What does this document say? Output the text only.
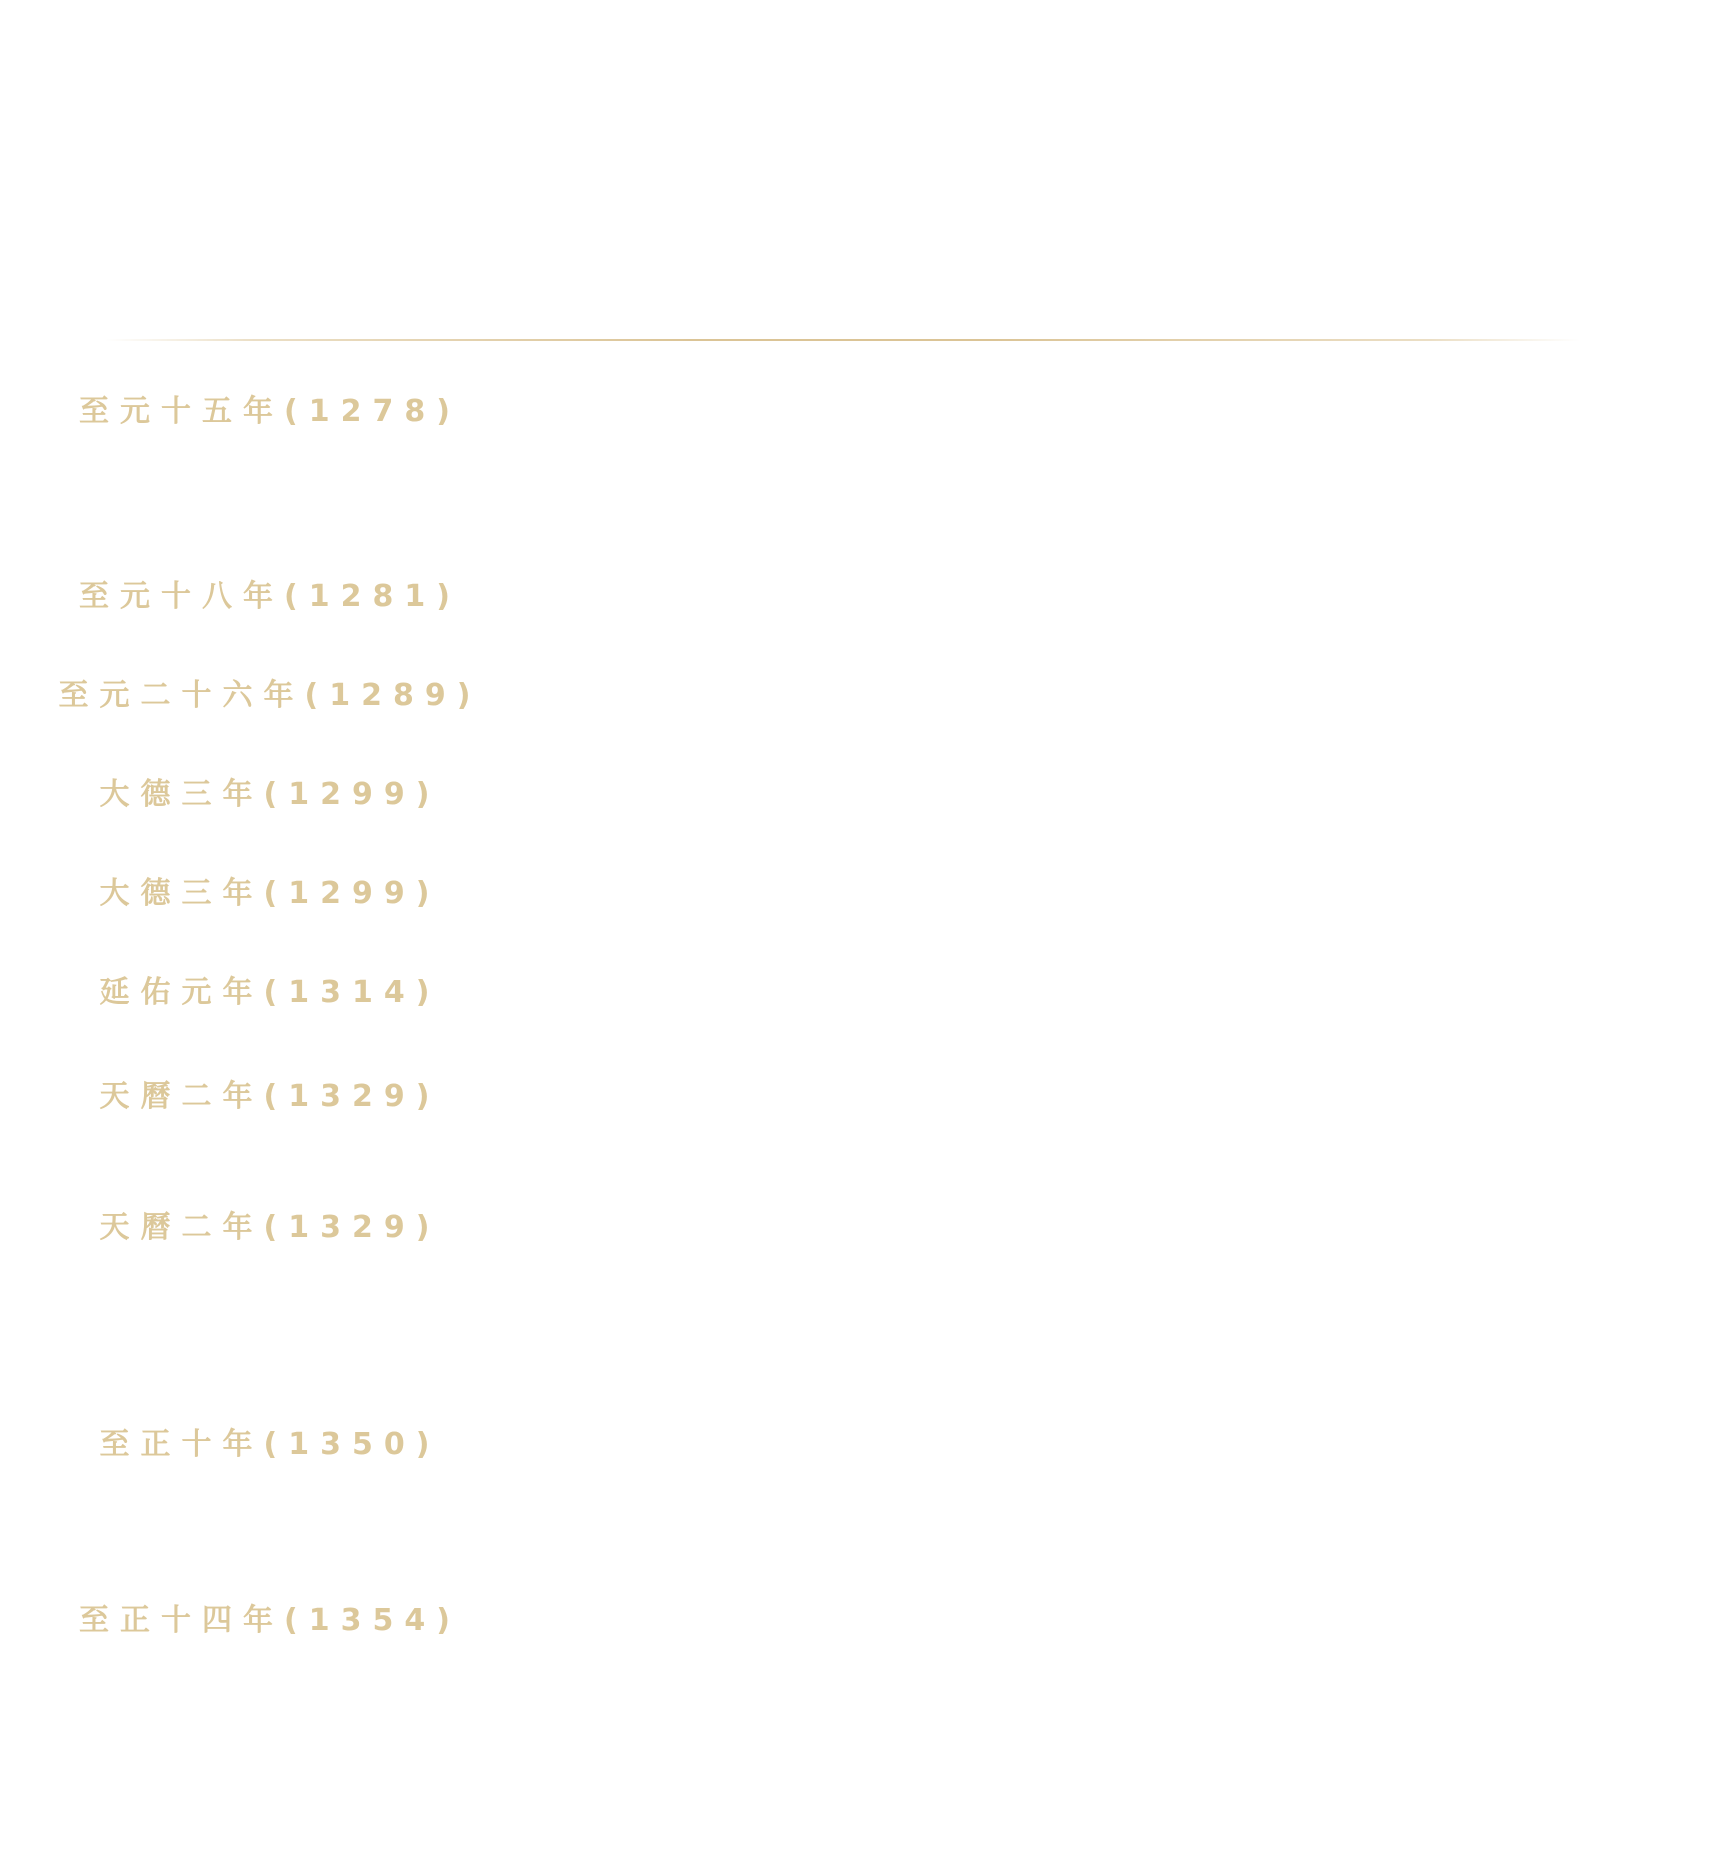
至元十五年(1278)
至元十八年(1281)
至元二十六年(1289)
大德三年(1299)
大德三年(1299)
延佑元年(1314)
天曆二年(1329)
天曆二年(1329)
至正十年(1350)
至正十四年(1354)
